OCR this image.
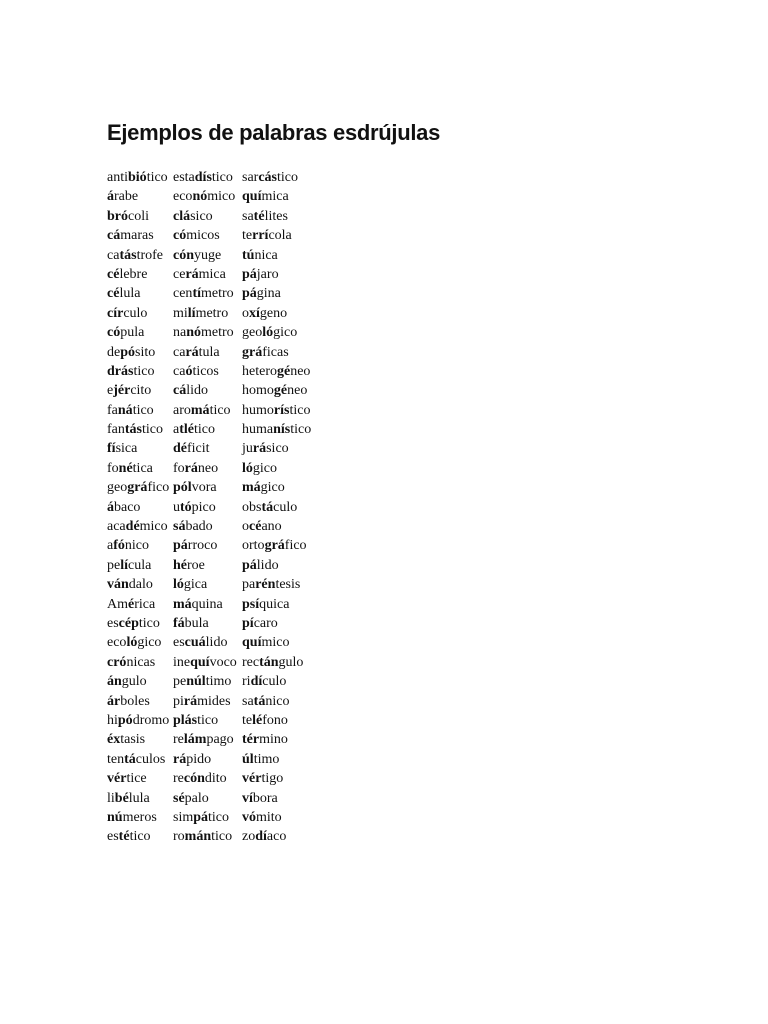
Ejemplos de palabras esdrújulas
antibiótico estadístico sarcástico
árabe	económico química
brócoli	clásico	satélites
cámaras	cómicos	terrícola
catástrofe cónyuge	túnica
célebre	cerámica	pájaro
célula	centímetro página
círculo	milímetro oxígeno
cópula	nanómetro geológico
depósito	carátula	gráficas
drástico	caóticos	heterogéneo
ejército	cálido	homogéneo
fanático	aromático humorístico
fantástico atlético	humanístico
física	déficit	jurásico
fonética	foráneo	lógico
geográfico pólvora	mágico
ábaco	utópico	obstáculo
académico sábado	océano
afónico	párroco	ortográfico
película	héroe	pálido
vándalo	lógica	paréntesis
América	máquina	psíquica
escéptico fábula	pícaro
ecológico escuálido	químico
crónicas	inequívoco rectángulo
ángulo	penúltimo ridículo
árboles	pirámides satánico
hipódromo plástico	teléfono
éxtasis	relámpago término
tentáculos rápido	último
vértice	recóndito	vértigo
libélula	sépalo	víbora
números	simpático vómito
estético	romántico zodíaco
